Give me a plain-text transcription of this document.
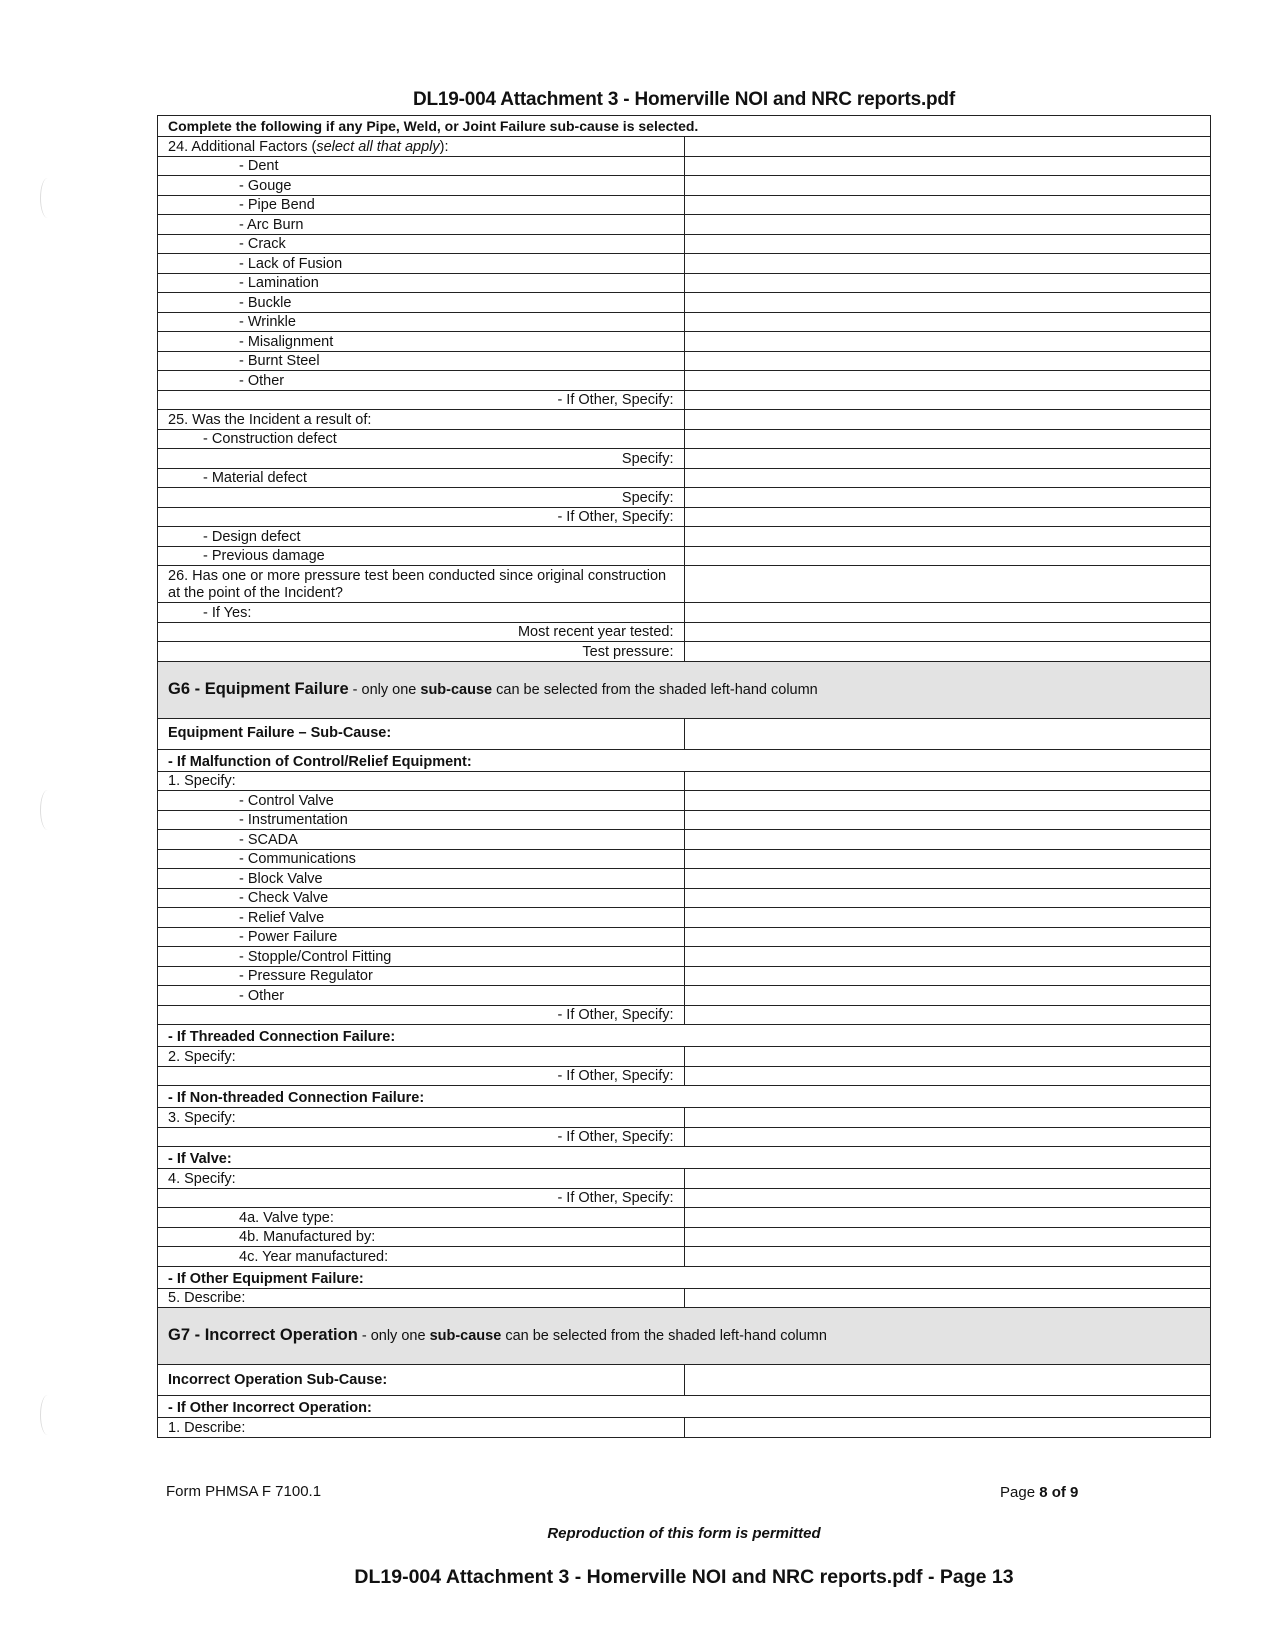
DL19-004 Attachment 3 - Homerville NOI and NRC reports.pdf
Complete the following if any Pipe, Weld, or Joint Failure sub-cause is selected.	
24. Additional Factors (select all that apply):	
- Dent	
- Gouge	
- Pipe Bend	
- Arc Burn	
- Crack	
- Lack of Fusion	
- Lamination	
- Buckle	
- Wrinkle	
- Misalignment	
- Burnt Steel	
- Other	
- If Other, Specify:	
25. Was the Incident a result of:	
- Construction defect	
Specify:	
- Material defect	
Specify:	
- If Other, Specify:	
- Design defect	
- Previous damage	

26. Has one or more pressure test been conducted since original construction
at the point of the Incident?	

- If Yes:	
Most recent year tested:	
Test pressure:	
G6 - Equipment Failure - only one sub-cause can be selected from the shaded left-hand column	
Equipment Failure – Sub-Cause:	
- If Malfunction of Control/Relief Equipment:	
1. Specify:	
- Control Valve	
- Instrumentation	
- SCADA	
- Communications	
- Block Valve	
- Check Valve	
- Relief Valve	
- Power Failure	
- Stopple/Control Fitting	
- Pressure Regulator	
- Other	
- If Other, Specify:	
- If Threaded Connection Failure:	
2. Specify:	
- If Other, Specify:	
- If Non-threaded Connection Failure:	
3. Specify:	
- If Other, Specify:	
- If Valve:	
4. Specify:	
- If Other, Specify:	
4a. Valve type:	
4b. Manufactured by:	
4c. Year manufactured:	
- If Other Equipment Failure:	
5. Describe:	
G7 - Incorrect Operation - only one sub-cause can be selected from the shaded left-hand column	
Incorrect Operation Sub-Cause:	
- If Other Incorrect Operation:	
1. Describe:	
Form PHMSA F 7100.1	Page 8 of 9
Reproduction of this form is permitted
DL19-004 Attachment 3 - Homerville NOI and NRC reports.pdf - Page 13
